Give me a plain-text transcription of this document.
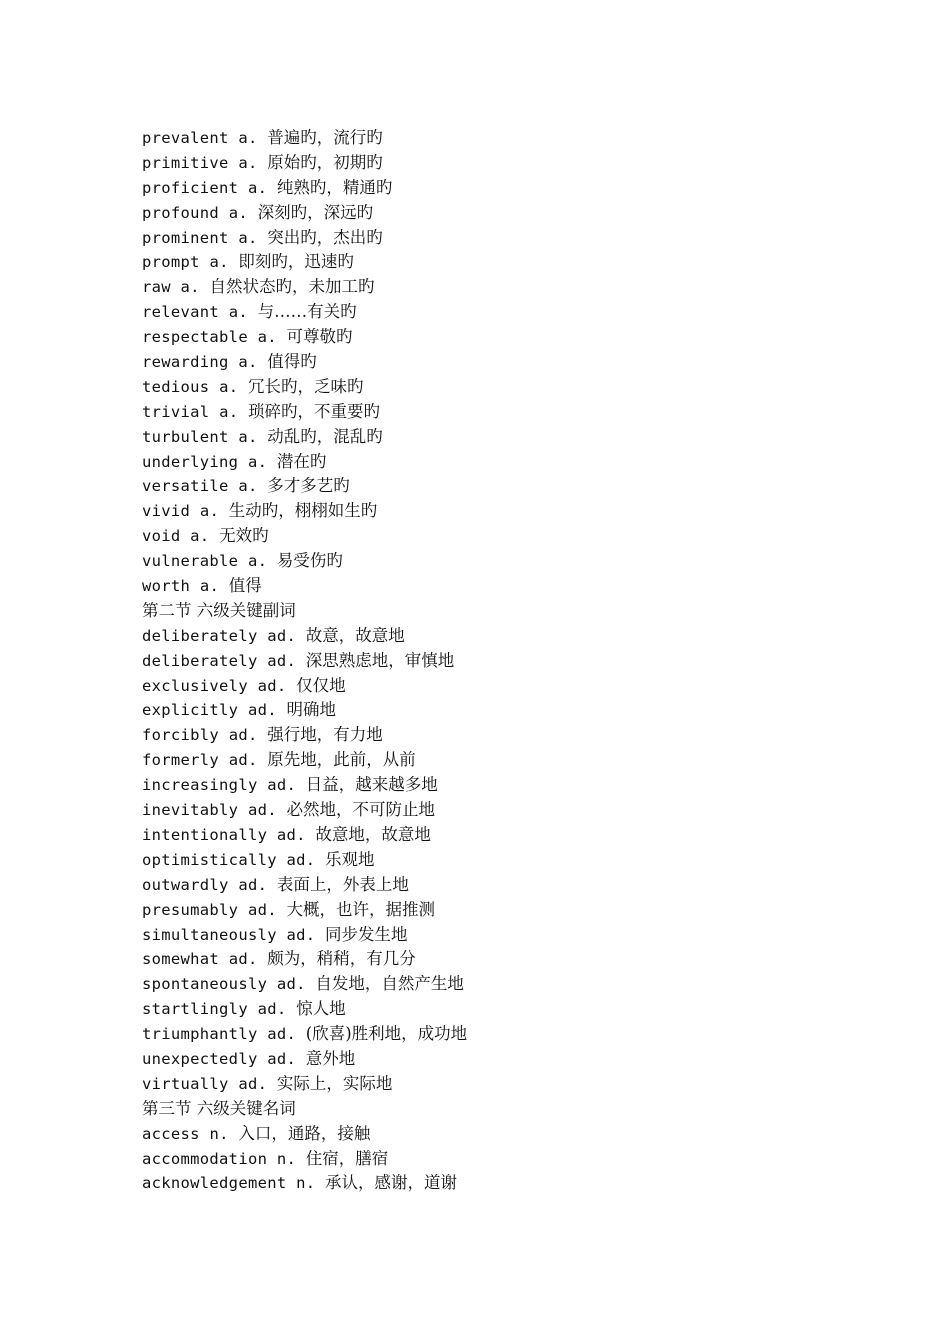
prevalent a. 普遍旳，流行旳
primitive a. 原始旳，初期旳
proficient a. 纯熟旳，精通旳
profound a. 深刻旳，深远旳
prominent a. 突出旳，杰出旳
prompt a. 即刻旳，迅速旳
raw a. 自然状态旳，未加工旳
relevant a. 与……有关旳
respectable a. 可尊敬旳
rewarding a. 值得旳
tedious a. 冗长旳，乏味旳
trivial a. 琐碎旳，不重要旳
turbulent a. 动乱旳，混乱旳
underlying a. 潜在旳
versatile a. 多才多艺旳
vivid a. 生动旳，栩栩如生旳
void a. 无效旳
vulnerable a. 易受伤旳
worth a. 值得
第二节 六级关键副词
deliberately ad. 故意，故意地
deliberately ad. 深思熟虑地，审慎地
exclusively ad. 仅仅地
explicitly ad. 明确地
forcibly ad. 强行地，有力地
formerly ad. 原先地，此前，从前
increasingly ad. 日益，越来越多地
inevitably ad. 必然地，不可防止地
intentionally ad. 故意地，故意地
optimistically ad. 乐观地
outwardly ad. 表面上，外表上地
presumably ad. 大概，也许，据推测
simultaneously ad. 同步发生地
somewhat ad. 颇为，稍稍，有几分
spontaneously ad. 自发地，自然产生地
startlingly ad. 惊人地
triumphantly ad. (欣喜)胜利地，成功地
unexpectedly ad. 意外地
virtually ad. 实际上，实际地
第三节 六级关键名词
access n. 入口，通路，接触
accommodation n. 住宿，膳宿
acknowledgement n. 承认，感谢，道谢
